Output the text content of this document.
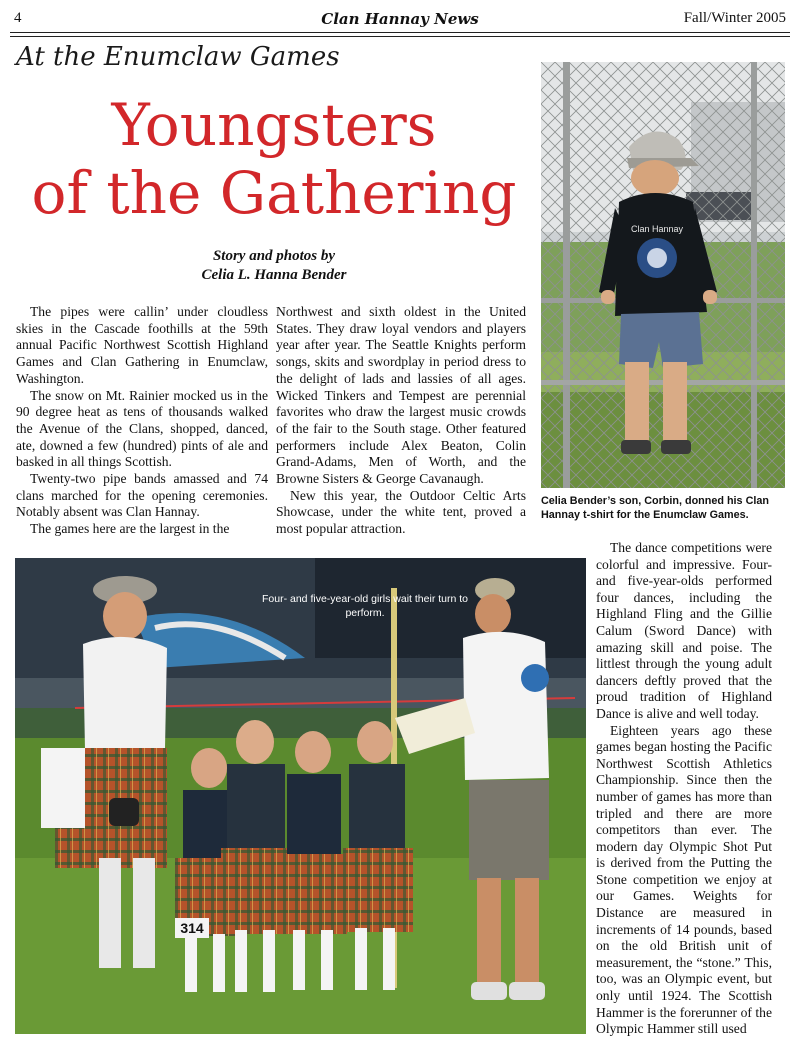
4	Clan Hannay News	Fall/Winter 2005
At the Enumclaw Games
Youngsters
of the Gathering
Story and photos by
Celia L. Hanna Bender

The pipes were callin’ under cloudless skies in the Cascade foothills at the 59th annual Pacific Northwest Scottish Highland Games and Clan Gathering in Enumclaw, Washington.

The snow on Mt. Rainier mocked us in the 90 degree heat as tens of thousands walked the Avenue of the Clans, shopped, danced, ate, downed a few (hundred) pints of ale and basked in all things Scottish.

Twenty-two pipe bands amassed and 74 clans marched for the opening ceremonies. Notably absent was Clan Hannay.

The games here are the largest in the

Northwest and sixth oldest in the United States. They draw loyal vendors and players year after year. The Seattle Knights perform songs, skits and swordplay in period dress to the delight of lads and lassies of all ages. Wicked Tinkers and Tempest are perennial favorites who draw the largest music crowds of the fair to the South stage. Other featured performers include Alex Beaton, Colin Grand-Adams, Men of Worth, and the Browne Sisters & George Cavanaugh.

New this year, the Outdoor Celtic Arts Showcase, under the white tent, proved a most popular attraction.

The dance competitions were colorful and impressive. Four- and five-year-olds performed four dances, including the Highland Fling and the Gillie Calum (Sword Dance) with amazing skill and poise. The littlest through the young adult dancers deftly proved that the proud tradition of Highland Dance is alive and well today.

Eighteen years ago these games began hosting the Pacific Northwest Scottish Athletics Championship. Since then the number of games has more than tripled and there are more competitors than ever. The modern day Olympic Shot Put is derived from the Putting the Stone competition we enjoy at our Games. Weights for Distance are measured in increments of 14 pounds, based on the old British unit of measurement, the “stone.” This, too, was an Olympic event, but only until 1924. The Scottish Hammer is the forerunner of the Olympic Hammer still used

Clan Hannay
Celia Bender’s son, Corbin, donned his Clan Hannay t-shirt for the Enumclaw Games.
314
Four- and five-year-old girls wait their turn to perform.
